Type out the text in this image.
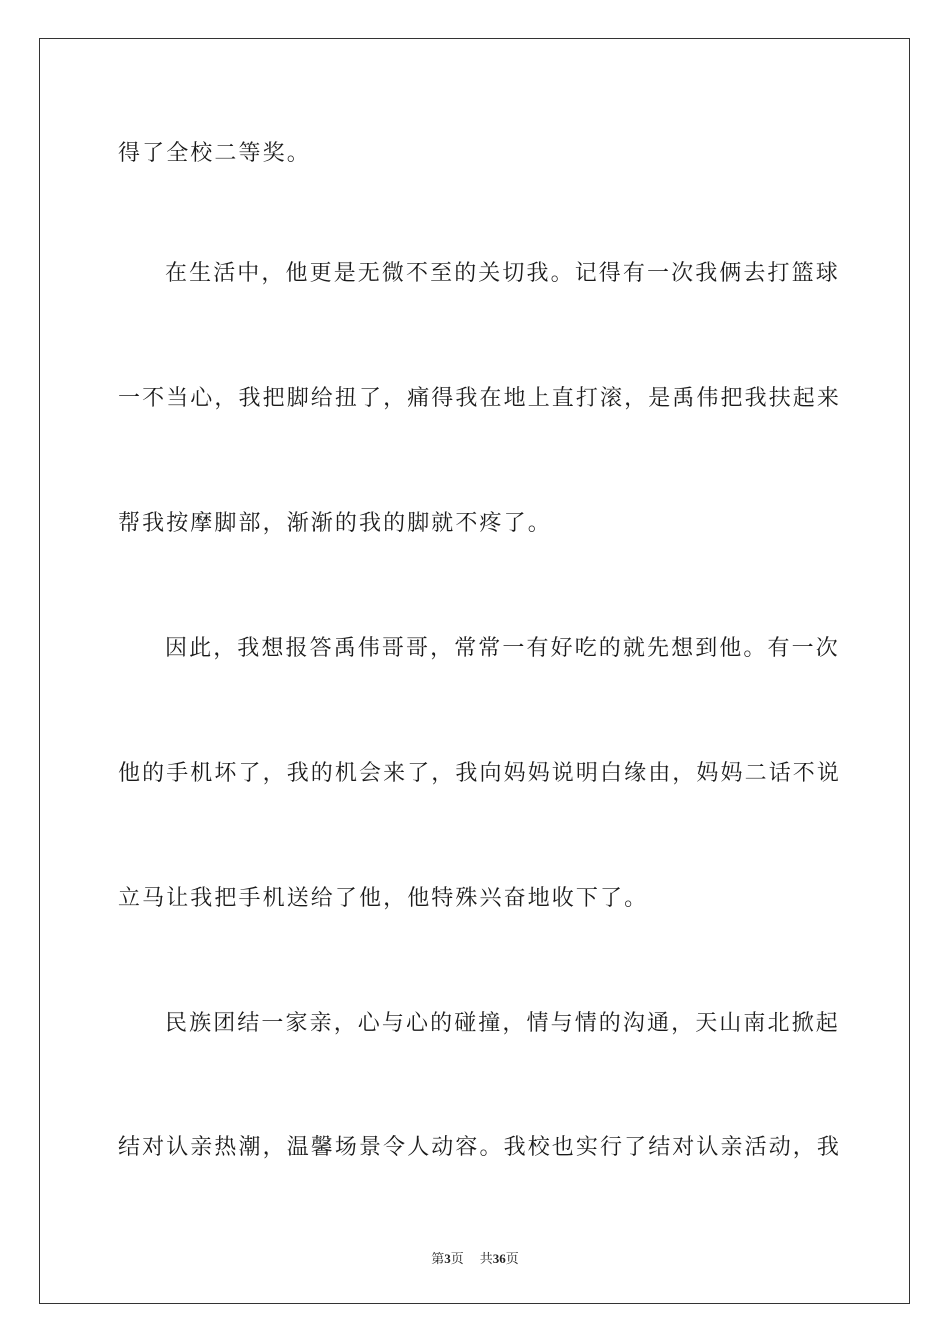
得了全校二等奖。
在生活中，他更是无微不至的关切我。记得有一次我俩去打篮球
一不当心，我把脚给扭了，痛得我在地上直打滚，是禹伟把我扶起来
帮我按摩脚部，渐渐的我的脚就不疼了。
因此，我想报答禹伟哥哥，常常一有好吃的就先想到他。有一次
他的手机坏了，我的机会来了，我向妈妈说明白缘由，妈妈二话不说
立马让我把手机送给了他，他特殊兴奋地收下了。
民族团结一家亲，心与心的碰撞，情与情的沟通，天山南北掀起
结对认亲热潮，温馨场景令人动容。我校也实行了结对认亲活动，我
第3页 共36页
